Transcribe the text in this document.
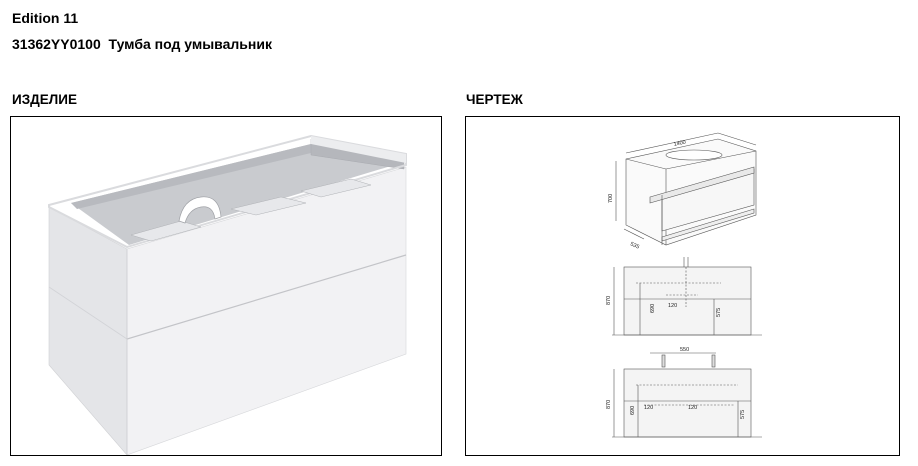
Edition 11
31362YY0100 Тумба под умывальник
ИЗДЕЛИЕ	ЧЕРТЕЖ
1400
700
535
870
690 120
575
550
870
690 120	120
575
